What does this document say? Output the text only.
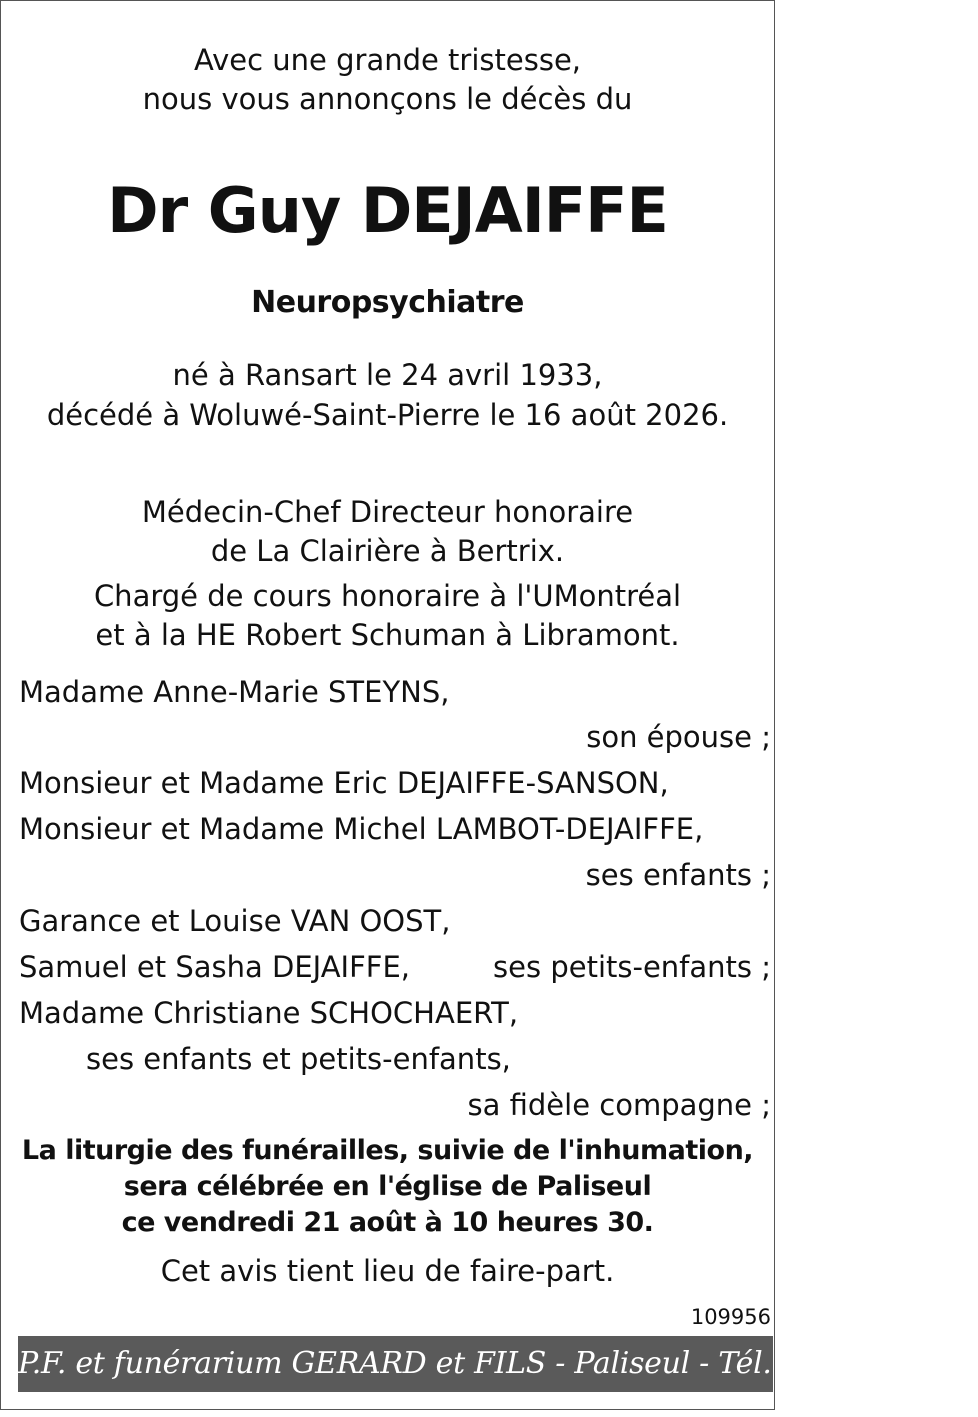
Avec une grande tristesse,
nous vous annonçons le décès du
Dr Guy DEJAIFFE
Neuropsychiatre
né à Ransart le 24 avril 1933,
décédé à Woluwé-Saint-Pierre le 16 août 2026.
Médecin-Chef Directeur honoraire
de La Clairière à Bertrix.
Chargé de cours honoraire à l'UMontréal
et à la HE Robert Schuman à Libramont.
Madame Anne-Marie STEYNS,
son épouse ;
Monsieur et Madame Eric DEJAIFFE-SANSON,
Monsieur et Madame Michel LAMBOT-DEJAIFFE,
ses enfants ;
Garance et Louise VAN OOST,
Samuel et Sasha DEJAIFFE,	ses petits-enfants ;
Madame Christiane SCHOCHAERT,
ses enfants et petits-enfants,
sa fidèle compagne ;
La liturgie des funérailles, suivie de l'inhumation,
sera célébrée en l'église de Paliseul
ce vendredi 21 août à 10 heures 30.
Cet avis tient lieu de faire-part.
109956
P.F. et funérarium GERARD et FILS - Paliseul - Tél. 061 53 32 84
